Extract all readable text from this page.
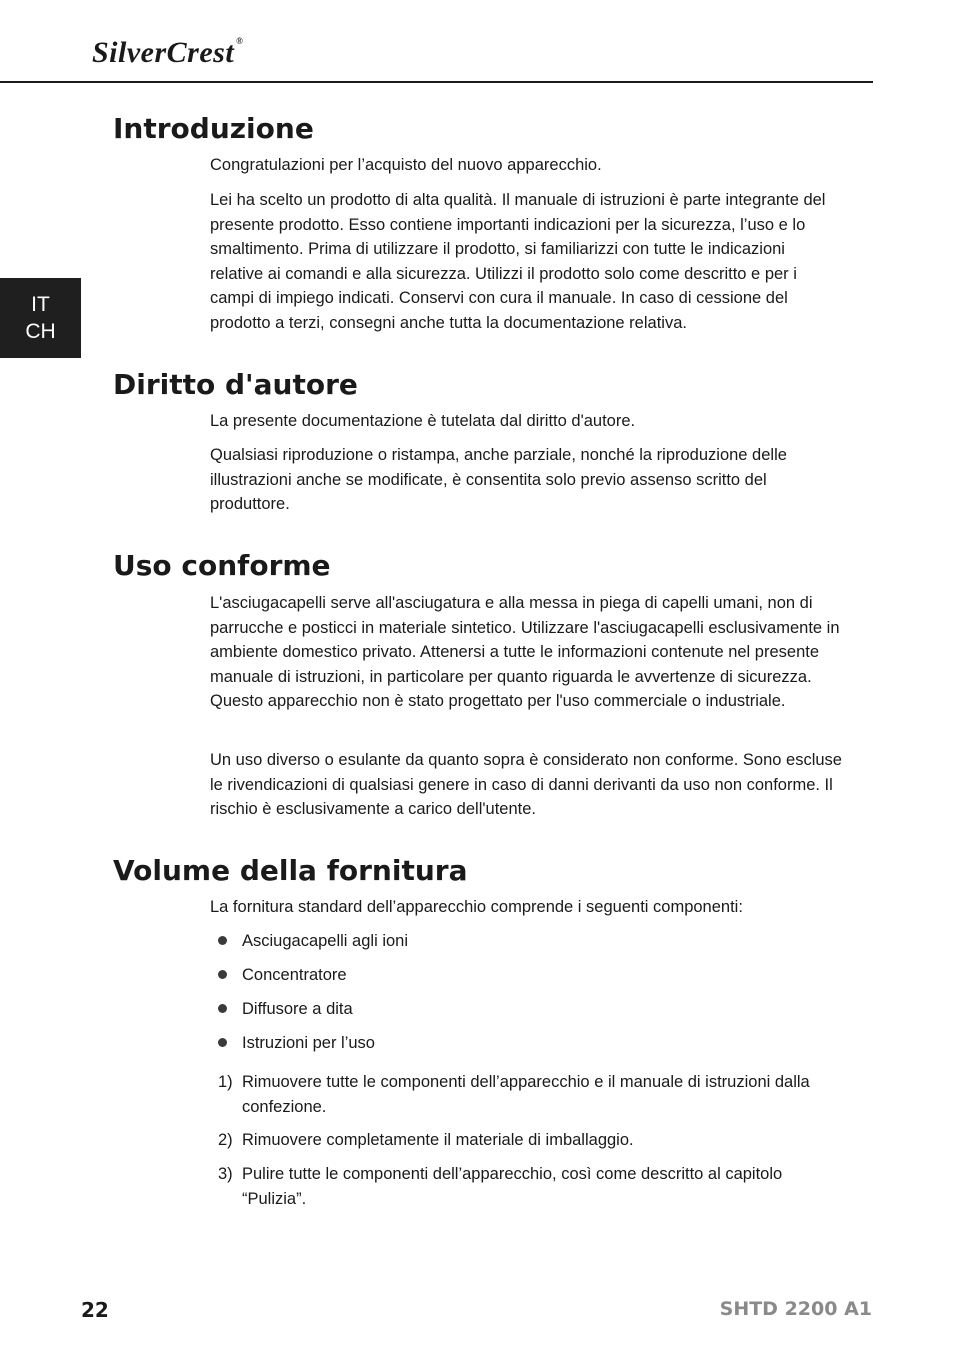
SilverCrest ®
IT
CH
Introduzione

Congratulazioni per l’acquisto del nuovo apparecchio.

Lei ha scelto un prodotto di alta qualità. Il manuale di istruzioni è parte integrante del presente prodotto. Esso contiene importanti indicazioni per la sicurezza, l’uso e lo smaltimento. Prima di utilizzare il prodotto, si familiarizzi con tutte le indicazioni relative ai comandi e alla sicurezza. Utilizzi il prodotto solo come descritto e per i campi di impiego indicati. Conservi con cura il manuale. In caso di cessione del prodotto a terzi, consegni anche tutta la documentazione relativa.

Diritto d'autore

La presente documentazione è tutelata dal diritto d'autore.

Qualsiasi riproduzione o ristampa, anche parziale, nonché la riproduzione delle illustrazioni anche se modificate, è consentita solo previo assenso scritto del produttore.

Uso conforme

L'asciugacapelli serve all'asciugatura e alla messa in piega di capelli umani, non di parrucche e posticci in materiale sintetico. Utilizzare l'asciugacapelli esclusivamente in ambiente domestico privato. Attenersi a tutte le informazioni contenute nel presente manuale di istruzioni, in particolare per quanto riguarda le avvertenze di sicurezza. Questo apparecchio non è stato progettato per l'uso commerciale o industriale.

Un uso diverso o esulante da quanto sopra è considerato non conforme. Sono escluse le rivendicazioni di qualsiasi genere in caso di danni derivanti da uso non conforme. Il rischio è esclusivamente a carico dell'utente.

Volume della fornitura

La fornitura standard dell’apparecchio comprende i seguenti componenti:

Asciugacapelli agli ioni
Concentratore
Diffusore a dita
Istruzioni per l’uso
1) Rimuovere tutte le componenti dell’apparecchio e il manuale di istruzioni dalla confezione.
2) Rimuovere completamente il materiale di imballaggio.
3) Pulire tutte le componenti dell’apparecchio, così come descritto al capitolo “Pulizia”.
22	SHTD 2200 A1
